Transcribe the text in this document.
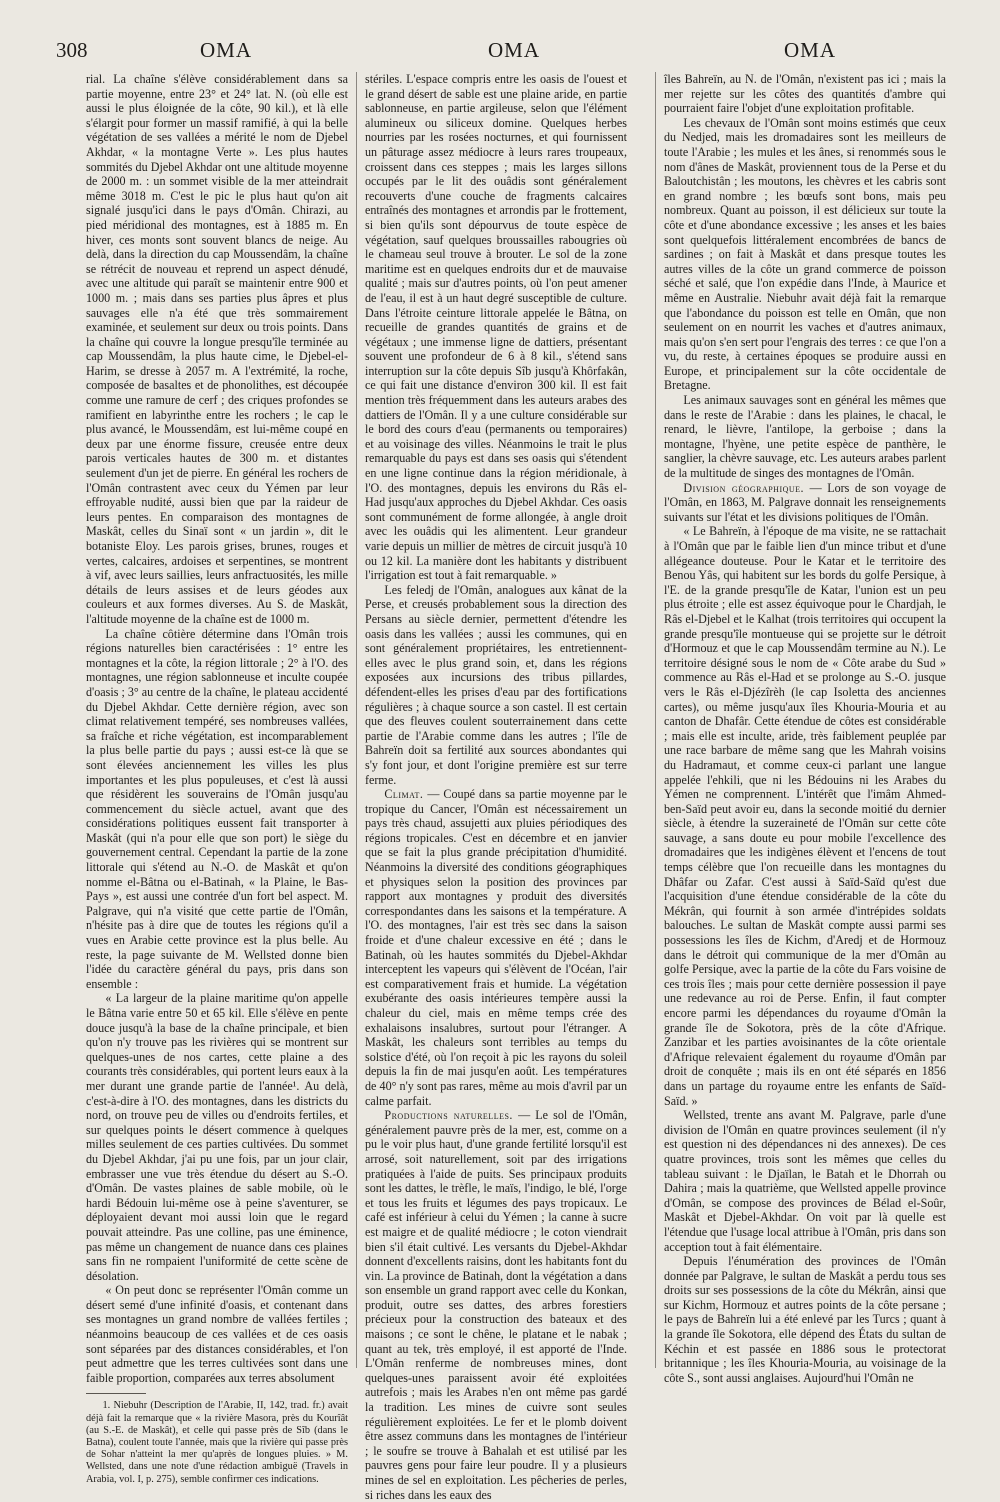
308	OMA	OMA	OMA

rial. La chaîne s'élève considérablement dans sa partie moyenne, entre 23° et 24° lat. N. (où elle est aussi le plus éloignée de la côte, 90 kil.), et là elle s'élargit pour former un massif ramifié, à qui la belle végétation de ses vallées a mérité le nom de Djebel Akhdar, « la montagne Verte ». Les plus hautes sommités du Djebel Akhdar ont une altitude moyenne de 2000 m. : un sommet visible de la mer atteindrait même 3018 m. C'est le pic le plus haut qu'on ait signalé jusqu'ici dans le pays d'Omân. Chirazi, au pied méridional des montagnes, est à 1885 m. En hiver, ces monts sont souvent blancs de neige. Au delà, dans la direction du cap Moussendâm, la chaîne se rétrécit de nouveau et reprend un aspect dénudé, avec une altitude qui paraît se maintenir entre 900 et 1000 m. ; mais dans ses parties plus âpres et plus sauvages elle n'a été que très sommairement examinée, et seulement sur deux ou trois points. Dans la chaîne qui couvre la longue presqu'île terminée au cap Moussendâm, la plus haute cime, le Djebel-el-Harim, se dresse à 2057 m. A l'extrémité, la roche, composée de basaltes et de phonolithes, est découpée comme une ramure de cerf ; des criques profondes se ramifient en labyrinthe entre les rochers ; le cap le plus avancé, le Moussendâm, est lui-même coupé en deux par une énorme fissure, creusée entre deux parois verticales hautes de 300 m. et distantes seulement d'un jet de pierre. En général les rochers de l'Omân contrastent avec ceux du Yémen par leur effroyable nudité, aussi bien que par la raideur de leurs pentes. En comparaison des montagnes de Maskât, celles du Sinaï sont « un jardin », dit le botaniste Eloy. Les parois grises, brunes, rouges et vertes, calcaires, ardoises et serpentines, se montrent à vif, avec leurs saillies, leurs anfractuosités, les mille détails de leurs assises et de leurs géodes aux couleurs et aux formes diverses. Au S. de Maskât, l'altitude moyenne de la chaîne est de 1000 m.

La chaîne côtière détermine dans l'Omân trois régions naturelles bien caractérisées : 1° entre les montagnes et la côte, la région littorale ; 2° à l'O. des montagnes, une région sablonneuse et inculte coupée d'oasis ; 3° au centre de la chaîne, le plateau accidenté du Djebel Akhdar. Cette dernière région, avec son climat relativement tempéré, ses nombreuses vallées, sa fraîche et riche végétation, est incomparablement la plus belle partie du pays ; aussi est-ce là que se sont élevées anciennement les villes les plus importantes et les plus populeuses, et c'est là aussi que résidèrent les souverains de l'Omân jusqu'au commencement du siècle actuel, avant que des considérations politiques eussent fait transporter à Maskât (qui n'a pour elle que son port) le siège du gouvernement central. Cependant la partie de la zone littorale qui s'étend au N.-O. de Maskât et qu'on nomme el-Bâtna ou el-Batinah, « la Plaine, le Bas-Pays », est aussi une contrée d'un fort bel aspect. M. Palgrave, qui n'a visité que cette partie de l'Omân, n'hésite pas à dire que de toutes les régions qu'il a vues en Arabie cette province est la plus belle. Au reste, la page suivante de M. Wellsted donne bien l'idée du caractère général du pays, pris dans son ensemble :

« La largeur de la plaine maritime qu'on appelle le Bâtna varie entre 50 et 65 kil. Elle s'élève en pente douce jusqu'à la base de la chaîne principale, et bien qu'on n'y trouve pas les rivières qui se montrent sur quelques-unes de nos cartes, cette plaine a des courants très considérables, qui portent leurs eaux à la mer durant une grande partie de l'année¹. Au delà, c'est-à-dire à l'O. des montagnes, dans les districts du nord, on trouve peu de villes ou d'endroits fertiles, et sur quelques points le désert commence à quelques milles seulement de ces parties cultivées. Du sommet du Djebel Akhdar, j'ai pu une fois, par un jour clair, embrasser une vue très étendue du désert au S.-O. d'Omân. De vastes plaines de sable mobile, où le hardi Bédouin lui-même ose à peine s'aventurer, se déployaient devant moi aussi loin que le regard pouvait atteindre. Pas une colline, pas une éminence, pas même un changement de nuance dans ces plaines sans fin ne rompaient l'uniformité de cette scène de désolation.

« On peut donc se représenter l'Omân comme un désert semé d'une infinité d'oasis, et contenant dans ses montagnes un grand nombre de vallées fertiles ; néanmoins beaucoup de ces vallées et de ces oasis sont séparées par des distances considérables, et l'on peut admettre que les terres cultivées sont dans une faible proportion, comparées aux terres absolument

1. Niebuhr (Description de l'Arabie, II, 142, trad. fr.) avait déjà fait la remarque que « la rivière Masora, près du Kourîât (au S.-E. de Maskât), et celle qui passe près de Sîb (dans le Batna), coulent toute l'année, mais que la rivière qui passe près de Sohar n'atteint la mer qu'après de longues pluies. » M. Wellsted, dans une note d'une rédaction ambiguë (Travels in Arabia, vol. I, p. 275), semble confirmer ces indications.

stériles. L'espace compris entre les oasis de l'ouest et le grand désert de sable est une plaine aride, en partie sablonneuse, en partie argileuse, selon que l'élément alumineux ou siliceux domine. Quelques herbes nourries par les rosées nocturnes, et qui fournissent un pâturage assez médiocre à leurs rares troupeaux, croissent dans ces steppes ; mais les larges sillons occupés par le lit des ouâdis sont généralement recouverts d'une couche de fragments calcaires entraînés des montagnes et arrondis par le frottement, si bien qu'ils sont dépourvus de toute espèce de végétation, sauf quelques broussailles rabougries où le chameau seul trouve à brouter. Le sol de la zone maritime est en quelques endroits dur et de mauvaise qualité ; mais sur d'autres points, où l'on peut amener de l'eau, il est à un haut degré susceptible de culture. Dans l'étroite ceinture littorale appelée le Bâtna, on recueille de grandes quantités de grains et de végétaux ; une immense ligne de dattiers, présentant souvent une profondeur de 6 à 8 kil., s'étend sans interruption sur la côte depuis Sîb jusqu'à Khôrfakân, ce qui fait une distance d'environ 300 kil. Il est fait mention très fréquemment dans les auteurs arabes des dattiers de l'Omân. Il y a une culture considérable sur le bord des cours d'eau (permanents ou temporaires) et au voisinage des villes. Néanmoins le trait le plus remarquable du pays est dans ses oasis qui s'étendent en une ligne continue dans la région méridionale, à l'O. des montagnes, depuis les environs du Râs el-Had jusqu'aux approches du Djebel Akhdar. Ces oasis sont communément de forme allongée, à angle droit avec les ouâdis qui les alimentent. Leur grandeur varie depuis un millier de mètres de circuit jusqu'à 10 ou 12 kil. La manière dont les habitants y distribuent l'irrigation est tout à fait remarquable. »

Les feledj de l'Omân, analogues aux kânat de la Perse, et creusés probablement sous la direction des Persans au siècle dernier, permettent d'étendre les oasis dans les vallées ; aussi les communes, qui en sont généralement propriétaires, les entretiennent-elles avec le plus grand soin, et, dans les régions exposées aux incursions des tribus pillardes, défendent-elles les prises d'eau par des fortifications régulières ; à chaque source a son castel. Il est certain que des fleuves coulent souterrainement dans cette partie de l'Arabie comme dans les autres ; l'île de Bahreïn doit sa fertilité aux sources abondantes qui s'y font jour, et dont l'origine première est sur terre ferme.

Climat. — Coupé dans sa partie moyenne par le tropique du Cancer, l'Omân est nécessairement un pays très chaud, assujetti aux pluies périodiques des régions tropicales. C'est en décembre et en janvier que se fait la plus grande précipitation d'humidité. Néanmoins la diversité des conditions géographiques et physiques selon la position des provinces par rapport aux montagnes y produit des diversités correspondantes dans les saisons et la température. A l'O. des montagnes, l'air est très sec dans la saison froide et d'une chaleur excessive en été ; dans le Batinah, où les hautes sommités du Djebel-Akhdar interceptent les vapeurs qui s'élèvent de l'Océan, l'air est comparativement frais et humide. La végétation exubérante des oasis intérieures tempère aussi la chaleur du ciel, mais en même temps crée des exhalaisons insalubres, surtout pour l'étranger. A Maskât, les chaleurs sont terribles au temps du solstice d'été, où l'on reçoit à pic les rayons du soleil depuis la fin de mai jusqu'en août. Les températures de 40° n'y sont pas rares, même au mois d'avril par un calme parfait.

Productions naturelles. — Le sol de l'Omân, généralement pauvre près de la mer, est, comme on a pu le voir plus haut, d'une grande fertilité lorsqu'il est arrosé, soit naturellement, soit par des irrigations pratiquées à l'aide de puits. Ses principaux produits sont les dattes, le trèfle, le maïs, l'indigo, le blé, l'orge et tous les fruits et légumes des pays tropicaux. Le café est inférieur à celui du Yémen ; la canne à sucre est maigre et de qualité médiocre ; le coton viendrait bien s'il était cultivé. Les versants du Djebel-Akhdar donnent d'excellents raisins, dont les habitants font du vin. La province de Batinah, dont la végétation a dans son ensemble un grand rapport avec celle du Konkan, produit, outre ses dattes, des arbres forestiers précieux pour la construction des bateaux et des maisons ; ce sont le chêne, le platane et le nabak ; quant au tek, très employé, il est apporté de l'Inde. L'Omân renferme de nombreuses mines, dont quelques-unes paraissent avoir été exploitées autrefois ; mais les Arabes n'en ont même pas gardé la tradition. Les mines de cuivre sont seules régulièrement exploitées. Le fer et le plomb doivent être assez communs dans les montagnes de l'intérieur ; le soufre se trouve à Bahalah et est utilisé par les pauvres gens pour faire leur poudre. Il y a plusieurs mines de sel en exploitation. Les pêcheries de perles, si riches dans les eaux des

îles Bahreïn, au N. de l'Omân, n'existent pas ici ; mais la mer rejette sur les côtes des quantités d'ambre qui pourraient faire l'objet d'une exploitation profitable.

Les chevaux de l'Omân sont moins estimés que ceux du Nedjed, mais les dromadaires sont les meilleurs de toute l'Arabie ; les mules et les ânes, si renommés sous le nom d'ânes de Maskât, proviennent tous de la Perse et du Baloutchistân ; les moutons, les chèvres et les cabris sont en grand nombre ; les bœufs sont bons, mais peu nombreux. Quant au poisson, il est délicieux sur toute la côte et d'une abondance excessive ; les anses et les baies sont quelquefois littéralement encombrées de bancs de sardines ; on fait à Maskât et dans presque toutes les autres villes de la côte un grand commerce de poisson séché et salé, que l'on expédie dans l'Inde, à Maurice et même en Australie. Niebuhr avait déjà fait la remarque que l'abondance du poisson est telle en Omân, que non seulement on en nourrit les vaches et d'autres animaux, mais qu'on s'en sert pour l'engrais des terres : ce que l'on a vu, du reste, à certaines époques se produire aussi en Europe, et principalement sur la côte occidentale de Bretagne.

Les animaux sauvages sont en général les mêmes que dans le reste de l'Arabie : dans les plaines, le chacal, le renard, le lièvre, l'antilope, la gerboise ; dans la montagne, l'hyène, une petite espèce de panthère, le sanglier, la chèvre sauvage, etc. Les auteurs arabes parlent de la multitude de singes des montagnes de l'Omân.

Division géographique. — Lors de son voyage de l'Omân, en 1863, M. Palgrave donnait les renseignements suivants sur l'état et les divisions politiques de l'Omân.

« Le Bahreïn, à l'époque de ma visite, ne se rattachait à l'Omân que par le faible lien d'un mince tribut et d'une allégeance douteuse. Pour le Katar et le territoire des Benou Yâs, qui habitent sur les bords du golfe Persique, à l'E. de la grande presqu'île de Katar, l'union est un peu plus étroite ; elle est assez équivoque pour le Chardjah, le Râs el-Djebel et le Kalhat (trois territoires qui occupent la grande presqu'île montueuse qui se projette sur le détroit d'Hormouz et que le cap Moussendâm termine au N.). Le territoire désigné sous le nom de « Côte arabe du Sud » commence au Râs el-Had et se prolonge au S.-O. jusque vers le Râs el-Djézîrèh (le cap Isoletta des anciennes cartes), ou même jusqu'aux îles Khouria-Mouria et au canton de Dhafâr. Cette étendue de côtes est considérable ; mais elle est inculte, aride, très faiblement peuplée par une race barbare de même sang que les Mahrah voisins du Hadramaut, et comme ceux-ci parlant une langue appelée l'ehkili, que ni les Bédouins ni les Arabes du Yémen ne comprennent. L'intérêt que l'imâm Ahmed-ben-Saïd peut avoir eu, dans la seconde moitié du dernier siècle, à étendre la suzeraineté de l'Omân sur cette côte sauvage, a sans doute eu pour mobile l'excellence des dromadaires que les indigènes élèvent et l'encens de tout temps célèbre que l'on recueille dans les montagnes du Dhâfar ou Zafar. C'est aussi à Saïd-Saïd qu'est due l'acquisition d'une étendue considérable de la côte du Mékrân, qui fournit à son armée d'intrépides soldats balouches. Le sultan de Maskât compte aussi parmi ses possessions les îles de Kichm, d'Aredj et de Hormouz dans le détroit qui communique de la mer d'Omân au golfe Persique, avec la partie de la côte du Fars voisine de ces trois îles ; mais pour cette dernière possession il paye une redevance au roi de Perse. Enfin, il faut compter encore parmi les dépendances du royaume d'Omân la grande île de Sokotora, près de la côte d'Afrique. Zanzibar et les parties avoisinantes de la côte orientale d'Afrique relevaient également du royaume d'Omân par droit de conquête ; mais ils en ont été séparés en 1856 dans un partage du royaume entre les enfants de Saïd-Saïd. »

Wellsted, trente ans avant M. Palgrave, parle d'une division de l'Omân en quatre provinces seulement (il n'y est question ni des dépendances ni des annexes). De ces quatre provinces, trois sont les mêmes que celles du tableau suivant : le Djaïlan, le Batah et le Dhorrah ou Dahira ; mais la quatrième, que Wellsted appelle province d'Omân, se compose des provinces de Bélad el-Soûr, Maskât et Djebel-Akhdar. On voit par là quelle est l'étendue que l'usage local attribue à l'Omân, pris dans son acception tout à fait élémentaire.

Depuis l'énumération des provinces de l'Omân donnée par Palgrave, le sultan de Maskât a perdu tous ses droits sur ses possessions de la côte du Mékrân, ainsi que sur Kichm, Hormouz et autres points de la côte persane ; le pays de Bahreïn lui a été enlevé par les Turcs ; quant à la grande île Sokotora, elle dépend des États du sultan de Kéchin et est passée en 1886 sous le protectorat britannique ; les îles Khouria-Mouria, au voisinage de la côte S., sont aussi anglaises. Aujourd'hui l'Omân ne
